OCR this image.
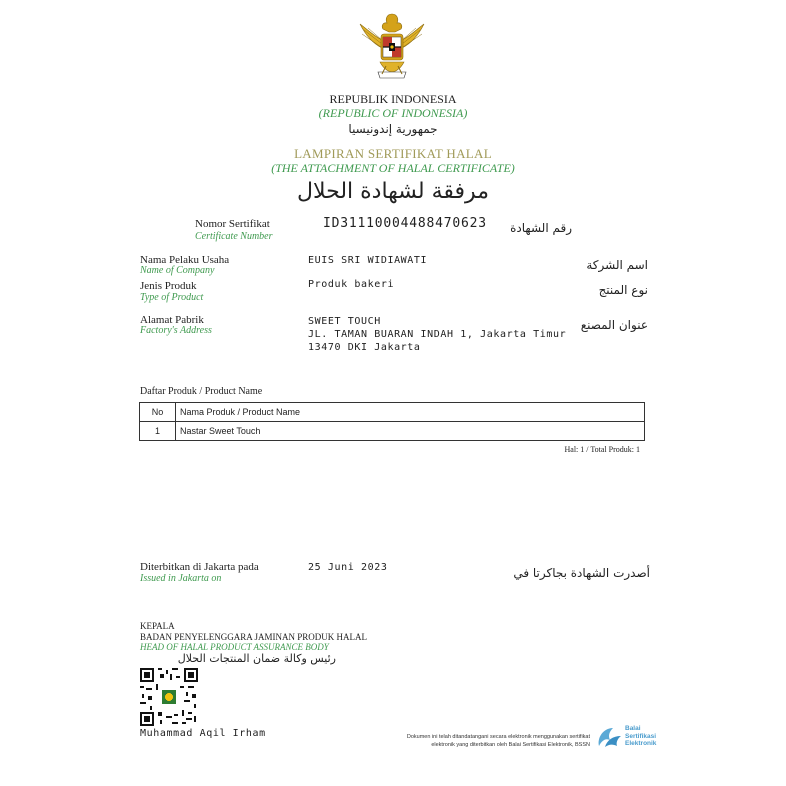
REPUBLIK INDONESIA
(REPUBLIC OF INDONESIA)
جمهورية إندونيسيا
LAMPIRAN SERTIFIKAT HALAL
(THE ATTACHMENT OF HALAL CERTIFICATE)
مرفقة لشهادة الحلال
Nomor Sertifikat
Certificate Number
ID31110004488470623	رقم الشهادة
Nama Pelaku Usaha
Name of Company
EUIS SRI WIDIAWATI	اسم الشركة
Jenis Produk
Type of Product
Produk bakeri	نوع المنتج
Alamat Pabrik
Factory's Address
SWEET TOUCH
JL. TAMAN BUARAN INDAH 1, Jakarta Timur
13470 DKI Jakarta
عنوان المصنع
Daftar Produk / Product Name
No	Nama Produk / Product Name
1	Nastar Sweet Touch
Hal: 1 / Total Produk: 1
Diterbitkan di Jakarta pada
Issued in Jakarta on
25 Juni 2023	أصدرت الشهادة بجاكرتا في
KEPALA
BADAN PENYELENGGARA JAMINAN PRODUK HALAL
HEAD OF HALAL PRODUCT ASSURANCE BODY
رئيس وكالة ضمان المنتجات الحلال
Muhammad Aqil Irham	Dokumen ini telah ditandatangani secara elektronik menggunakan sertifikat
elektronik yang diterbitkan oleh Balai Sertifikasi Elektronik, BSSN
Balai
Sertifikasi
Elektronik
